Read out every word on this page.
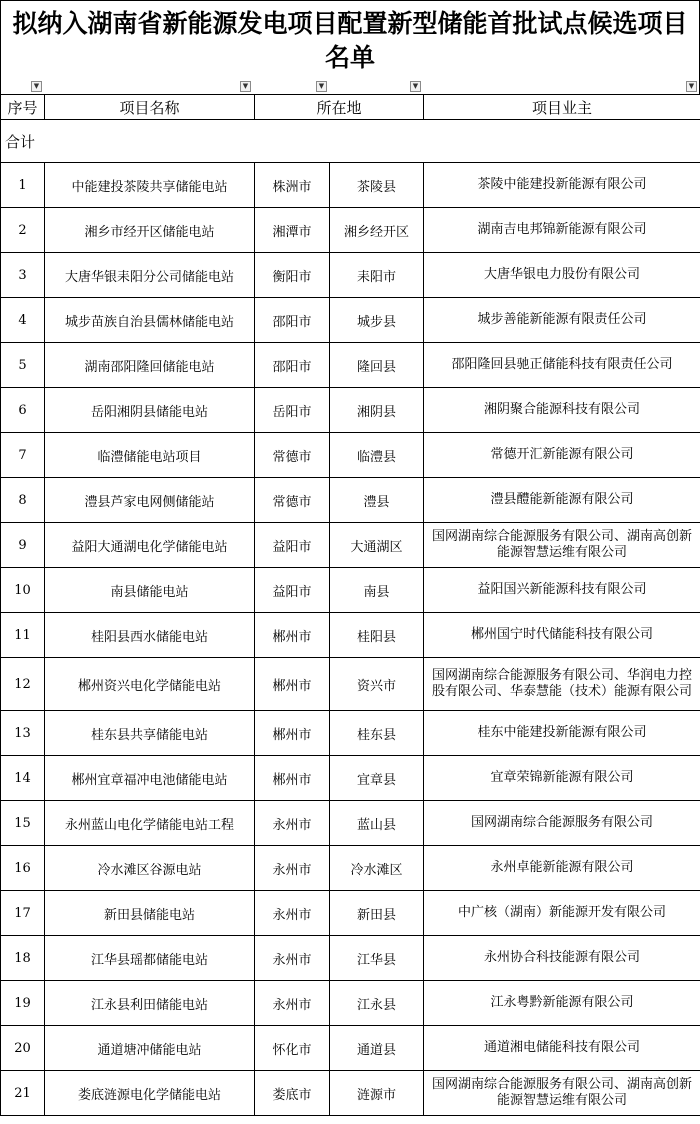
拟纳入湖南省新能源发电项目配置新型储能首批试点候选项目名单
▼	▼	▼	▼	▼
序号	项目名称	所在地		项目业主
合计				
1	中能建投茶陵共享储能电站	株洲市	茶陵县	茶陵中能建投新能源有限公司
2	湘乡市经开区储能电站	湘潭市	湘乡经开区	湖南吉电邦锦新能源有限公司
3	大唐华银耒阳分公司储能电站	衡阳市	耒阳市	大唐华银电力股份有限公司
4	城步苗族自治县儒林储能电站	邵阳市	城步县	城步善能新能源有限责任公司
5	湖南邵阳隆回储能电站	邵阳市	隆回县	邵阳隆回县驰正储能科技有限责任公司
6	岳阳湘阴县储能电站	岳阳市	湘阴县	湘阴聚合能源科技有限公司
7	临澧储能电站项目	常德市	临澧县	常德开汇新能源有限公司
8	澧县芦家电网侧储能站	常德市	澧县	澧县醴能新能源有限公司
9	益阳大通湖电化学储能电站	益阳市	大通湖区	国网湖南综合能源服务有限公司、湖南高创新能源智慧运维有限公司
10	南县储能电站	益阳市	南县	益阳国兴新能源科技有限公司
11	桂阳县西水储能电站	郴州市	桂阳县	郴州国宁时代储能科技有限公司
12	郴州资兴电化学储能电站	郴州市	资兴市	国网湖南综合能源服务有限公司、华润电力控股有限公司、华泰慧能（技术）能源有限公司
13	桂东县共享储能电站	郴州市	桂东县	桂东中能建投新能源有限公司
14	郴州宜章福冲电池储能电站	郴州市	宜章县	宜章荣锦新能源有限公司
15	永州蓝山电化学储能电站工程	永州市	蓝山县	国网湖南综合能源服务有限公司
16	冷水滩区谷源电站	永州市	冷水滩区	永州卓能新能源有限公司
17	新田县储能电站	永州市	新田县	中广核（湖南）新能源开发有限公司
18	江华县瑶都储能电站	永州市	江华县	永州协合科技能源有限公司
19	江永县利田储能电站	永州市	江永县	江永粤黔新能源有限公司
20	通道塘冲储能电站	怀化市	通道县	通道湘电储能科技有限公司
21	娄底涟源电化学储能电站	娄底市	涟源市	国网湖南综合能源服务有限公司、湖南高创新能源智慧运维有限公司
